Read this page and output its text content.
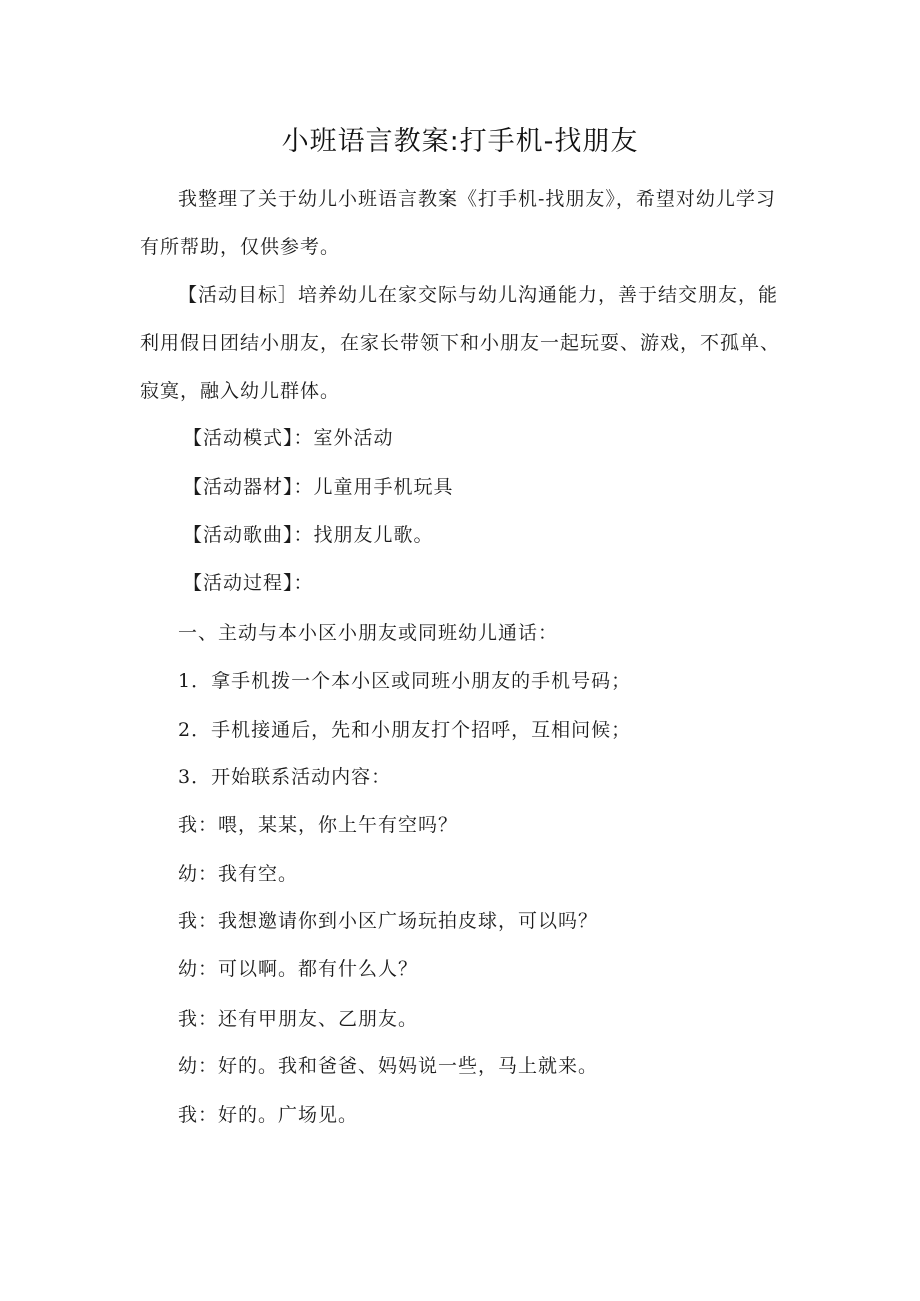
小班语言教案:打手机-找朋友

我整理了关于幼儿小班语言教案《打手机-找朋友》，希望对幼儿学习有所帮助，仅供参考。

【活动目标］培养幼儿在家交际与幼儿沟通能力，善于结交朋友，能利用假日团结小朋友，在家长带领下和小朋友一起玩耍、游戏，不孤单、寂寞，融入幼儿群体。

【活动模式】：室外活动

【活动器材】：儿童用手机玩具

【活动歌曲】：找朋友儿歌。

【活动过程】：

一、主动与本小区小朋友或同班幼儿通话：

1．拿手机拨一个本小区或同班小朋友的手机号码；

2．手机接通后，先和小朋友打个招呼，互相问候；

3．开始联系活动内容：

我：喂，某某，你上午有空吗？

幼：我有空。

我：我想邀请你到小区广场玩拍皮球，可以吗？

幼：可以啊。都有什么人？

我：还有甲朋友、乙朋友。

幼：好的。我和爸爸、妈妈说一些，马上就来。

我：好的。广场见。
